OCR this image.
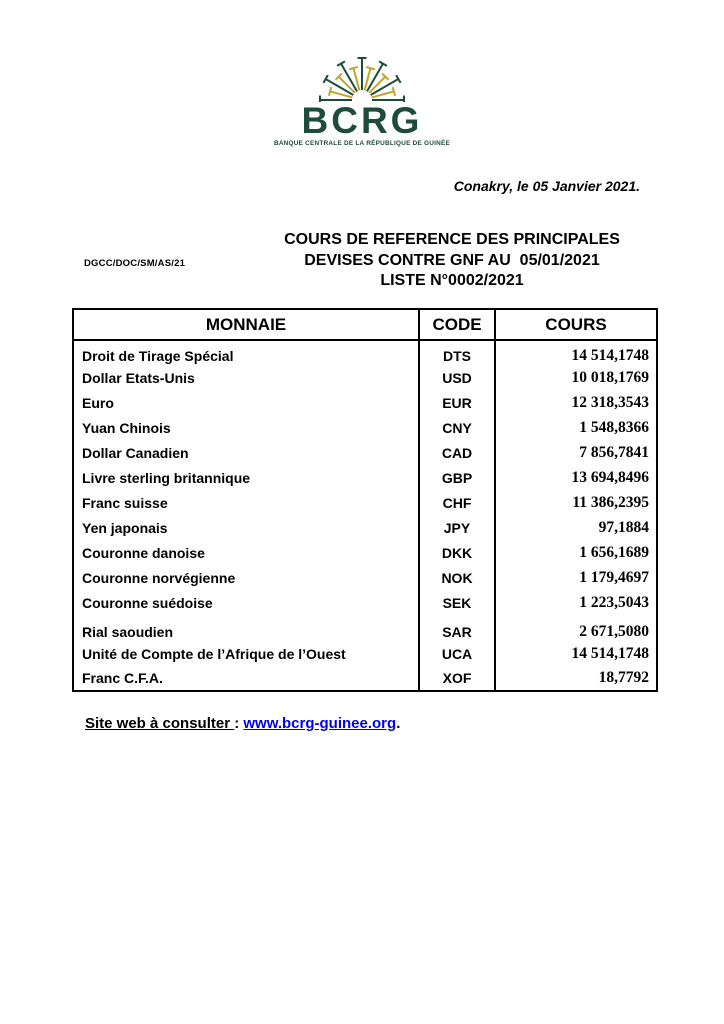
BCRG
BANQUE CENTRALE DE LA RÉPUBLIQUE DE GUINÉE
Conakry, le 05 Janvier 2021.
DGCC/DOC/SM/AS/21
COURS DE REFERENCE DES PRINCIPALES
DEVISES CONTRE GNF AU  05/01/2021
LISTE N°0002/2021
MONNAIE	CODE	COURS
Droit de Tirage Spécial	DTS	14 514,1748
Dollar Etats-Unis	USD	10 018,1769
Euro	EUR	12 318,3543
Yuan Chinois	CNY	1 548,8366
Dollar Canadien	CAD	7 856,7841
Livre sterling britannique	GBP	13 694,8496
Franc suisse	CHF	11 386,2395
Yen japonais	JPY	97,1884
Couronne danoise	DKK	1 656,1689
Couronne norvégienne	NOK	1 179,4697
Couronne suédoise	SEK	1 223,5043
Rial saoudien	SAR	2 671,5080
Unité de Compte de l’Afrique de l’Ouest	UCA	14 514,1748
Franc C.F.A.	XOF	18,7792
Site web à consulter : www.bcrg-guinee.org.
